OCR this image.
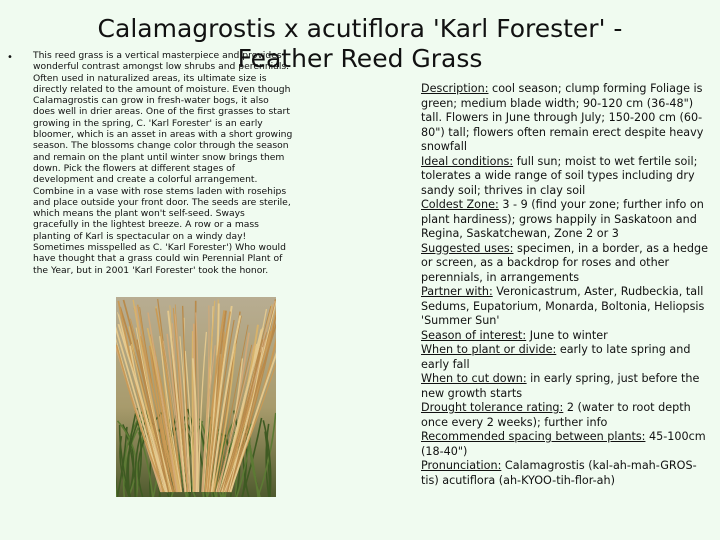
Calamagrostis x acutiflora 'Karl Forester' - Feather Reed Grass
• This reed grass is a vertical masterpiece and provides wonderful contrast amongst low shrubs and perennials. Often used in naturalized areas, its ultimate size is directly related to the amount of moisture. Even though Calamagrostis can grow in fresh-water bogs, it also does well in drier areas. One of the first grasses to start growing in the spring, C. 'Karl Forester' is an early bloomer, which is an asset in areas with a short growing season. The blossoms change color through the season and remain on the plant until winter snow brings them down. Pick the flowers at different stages of development and create a colorful arrangement. Combine in a vase with rose stems laden with rosehips and place outside your front door. The seeds are sterile, which means the plant won't self-seed. Sways gracefully in the lightest breeze. A row or a mass planting of Karl is spectacular on a windy day! Sometimes misspelled as C. 'Karl Forester') Who would have thought that a grass could win Perennial Plant of the Year, but in 2001 'Karl Forester' took the honor.

Description: cool season; clump forming Foliage is green; medium blade width; 90-120 cm (36-48") tall. Flowers in June through July; 150-200 cm (60-80") tall; flowers often remain erect despite heavy snowfall

Ideal conditions: full sun; moist to wet fertile soil; tolerates a wide range of soil types including dry sandy soil; thrives in clay soil

Coldest Zone: 3 - 9 (find your zone; further info on plant hardiness); grows happily in Saskatoon and Regina, Saskatchewan, Zone 2 or 3

Suggested uses: specimen, in a border, as a hedge or screen, as a backdrop for roses and other perennials, in arrangements

Partner with: Veronicastrum, Aster, Rudbeckia, tall Sedums, Eupatorium, Monarda, Boltonia, Heliopsis 'Summer Sun'

Season of interest: June to winter

When to plant or divide: early to late spring and early fall

When to cut down: in early spring, just before the new growth starts

Drought tolerance rating: 2 (water to root depth once every 2 weeks); further info

Recommended spacing between plants: 45-100cm (18-40")

Pronunciation: Calamagrostis (kal-ah-mah-GROS-tis) acutiflora (ah-KYOO-tih-flor-ah)
